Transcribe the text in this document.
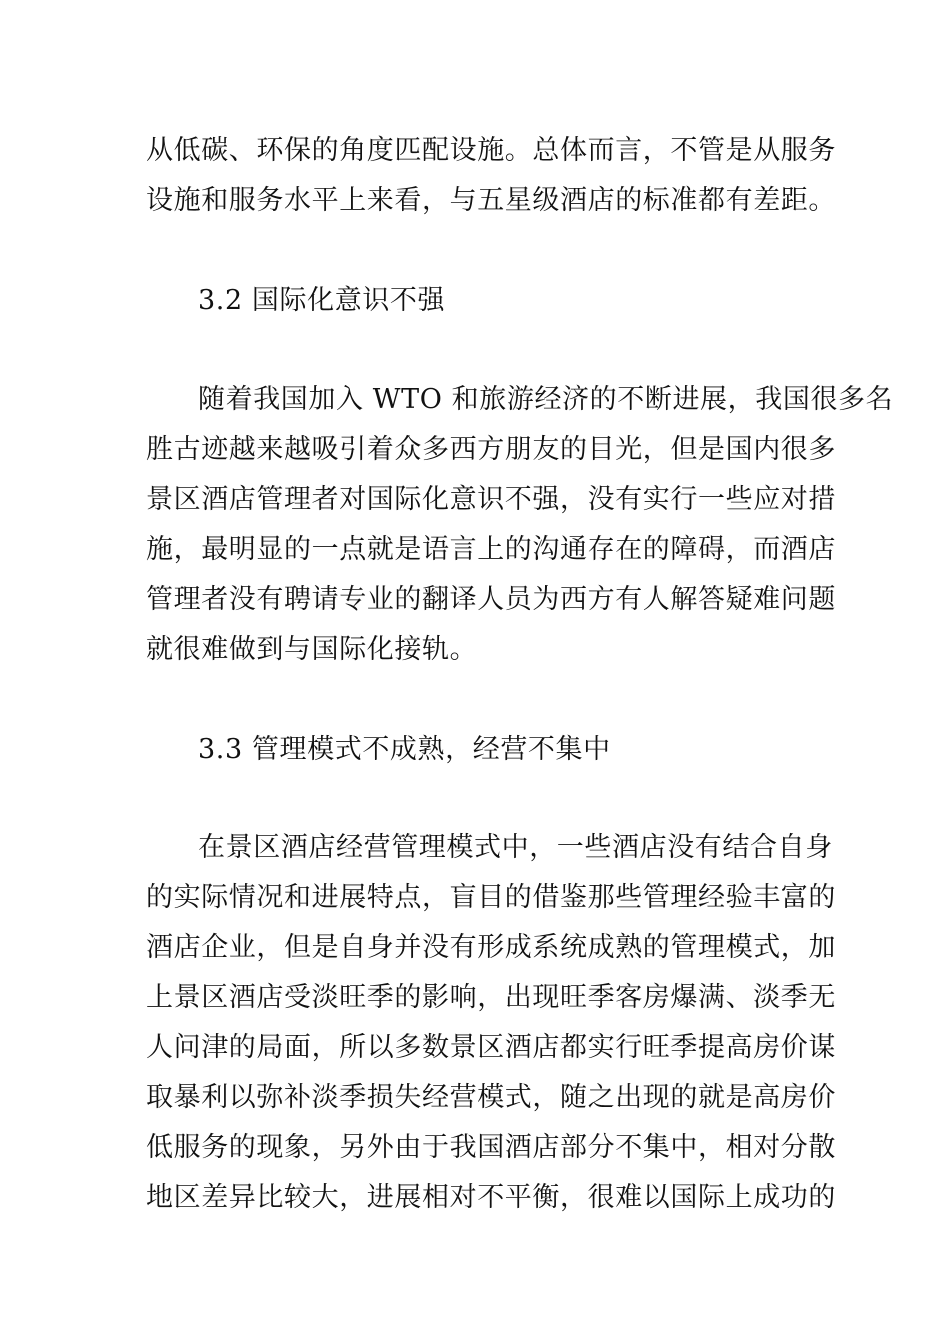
从低碳、环保的角度匹配设施。总体而言，不管是从服务
设施和服务水平上来看，与五星级酒店的标准都有差距。
3.2 国际化意识不强
随着我国加入 WTO 和旅游经济的不断进展，我国很多名
胜古迹越来越吸引着众多西方朋友的目光，但是国内很多
景区酒店管理者对国际化意识不强，没有实行一些应对措
施，最明显的一点就是语言上的沟通存在的障碍，而酒店
管理者没有聘请专业的翻译人员为西方有人解答疑难问题
就很难做到与国际化接轨。
3.3 管理模式不成熟，经营不集中
在景区酒店经营管理模式中，一些酒店没有结合自身
的实际情况和进展特点，盲目的借鉴那些管理经验丰富的
酒店企业，但是自身并没有形成系统成熟的管理模式，加
上景区酒店受淡旺季的影响，出现旺季客房爆满、淡季无
人问津的局面，所以多数景区酒店都实行旺季提高房价谋
取暴利以弥补淡季损失经营模式，随之出现的就是高房价
低服务的现象，另外由于我国酒店部分不集中，相对分散
地区差异比较大，进展相对不平衡，很难以国际上成功的
